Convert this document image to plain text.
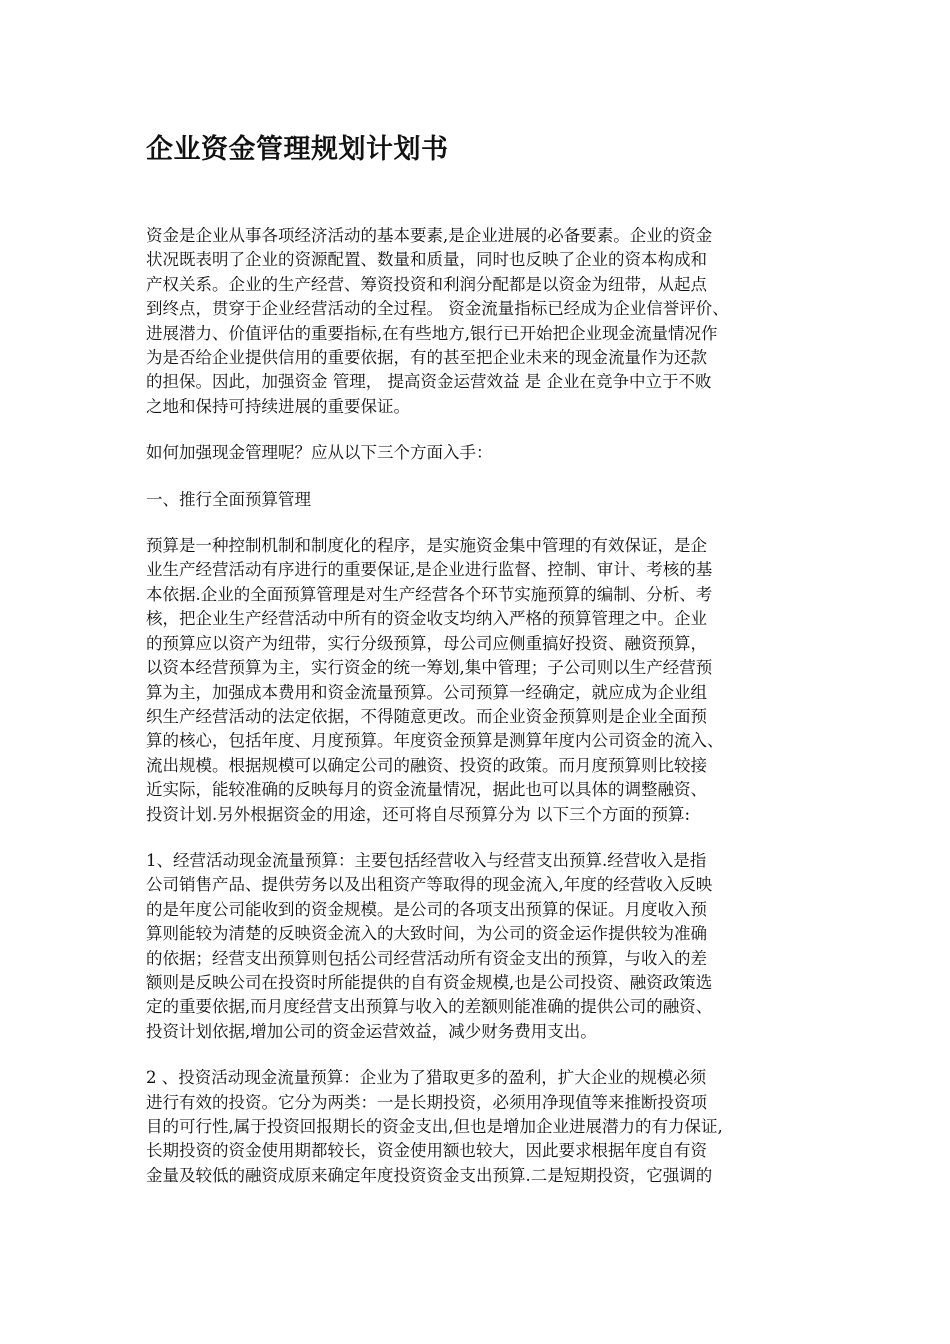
企业资金管理规划计划书

资金是企业从事各项经济活动的基本要素,是企业进展的必备要素。企业的资金
状况既表明了企业的资源配置、数量和质量，同时也反映了企业的资本构成和
产权关系。企业的生产经营、筹资投资和利润分配都是以资金为纽带，从起点
到终点，贯穿于企业经营活动的全过程。 资金流量指标已经成为企业信誉评价、
进展潜力、价值评估的重要指标,在有些地方,银行已开始把企业现金流量情况作
为是否给企业提供信用的重要依据，有的甚至把企业未来的现金流量作为还款
的担保。因此，加强资金 管理， 提高资金运营效益 是 企业在竞争中立于不败
之地和保持可持续进展的重要保证。

如何加强现金管理呢？应从以下三个方面入手：

一、推行全面预算管理

预算是一种控制机制和制度化的程序，是实施资金集中管理的有效保证，是企
业生产经营活动有序进行的重要保证,是企业进行监督、控制、审计、考核的基
本依据.企业的全面预算管理是对生产经营各个环节实施预算的编制、分析、考
核，把企业生产经营活动中所有的资金收支均纳入严格的预算管理之中。企业
的预算应以资产为纽带，实行分级预算，母公司应侧重搞好投资、融资预算，
以资本经营预算为主，实行资金的统一筹划,集中管理；子公司则以生产经营预
算为主，加强成本费用和资金流量预算。公司预算一经确定，就应成为企业组
织生产经营活动的法定依据，不得随意更改。而企业资金预算则是企业全面预
算的核心，包括年度、月度预算。年度资金预算是测算年度内公司资金的流入、
流出规模。根据规模可以确定公司的融资、投资的政策。而月度预算则比较接
近实际，能较准确的反映每月的资金流量情况，据此也可以具体的调整融资、
投资计划.另外根据资金的用途，还可将自尽预算分为 以下三个方面的预算:

1、经营活动现金流量预算：主要包括经营收入与经营支出预算.经营收入是指
公司销售产品、提供劳务以及出租资产等取得的现金流入,年度的经营收入反映
的是年度公司能收到的资金规模。是公司的各项支出预算的保证。月度收入预
算则能较为清楚的反映资金流入的大致时间，为公司的资金运作提供较为准确
的依据；经营支出预算则包括公司经营活动所有资金支出的预算，与收入的差
额则是反映公司在投资时所能提供的自有资金规模,也是公司投资、融资政策选
定的重要依据,而月度经营支出预算与收入的差额则能准确的提供公司的融资、
投资计划依据,增加公司的资金运营效益，减少财务费用支出。

2 、投资活动现金流量预算：企业为了猎取更多的盈利，扩大企业的规模必须
进行有效的投资。它分为两类：一是长期投资，必须用净现值等来推断投资项
目的可行性,属于投资回报期长的资金支出,但也是增加企业进展潜力的有力保证,
长期投资的资金使用期都较长，资金使用额也较大，因此要求根据年度自有资
金量及较低的融资成原来确定年度投资资金支出预算.二是短期投资，它强调的
